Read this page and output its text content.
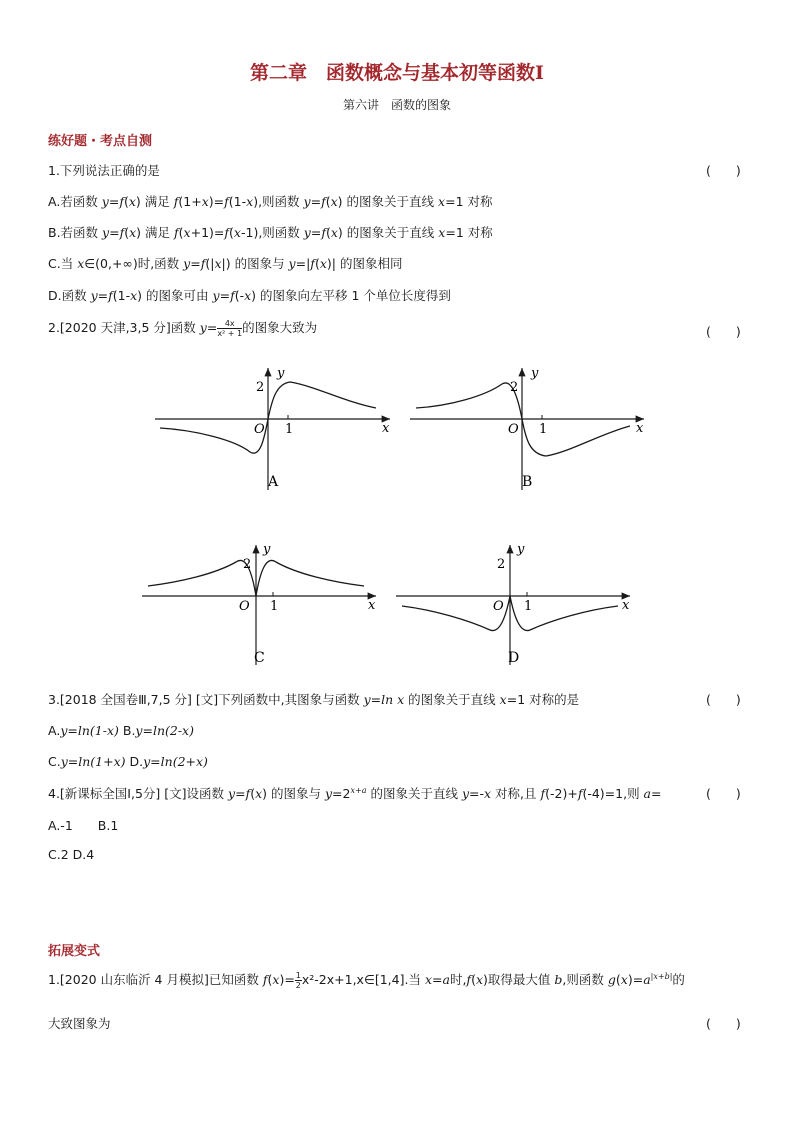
第二章　函数概念与基本初等函数Ⅰ
第六讲　函数的图象
练好题・考点自测
1.下列说法正确的是	(　　)
A.若函数 y=f(x) 满足 f(1+x)=f(1-x),则函数 y=f(x) 的图象关于直线 x=1 对称
B.若函数 y=f(x) 满足 f(x+1)=f(x-1),则函数 y=f(x) 的图象关于直线 x=1 对称
C.当 x∈(0,+∞)时,函数 y=f(|x|) 的图象与 y=|f(x)| 的图象相同
D.函数 y=f(1-x) 的图象可由 y=f(-x) 的图象向左平移 1 个单位长度得到
2.[2020 天津,3,5 分]函数 $y= \frac{4x}{\text{x² + 1}}$ 的图象大致为	(　　)
2
O 1	x
y
A
2
O 1	x
y
B
2
O 1	x
y
C
2
O 1	x
y
D
3.[2018 全国卷Ⅲ,7,5 分] [文]下列函数中,其图象与函数 y=ln x 的图象关于直线 x=1 对称的是	(　　)
A.y=ln(1-x) B.y=ln(2-x)
C.y=ln(1+x) D.y=ln(2+x)
4.[新课标全国Ⅰ,5分] [文]设函数 y=f(x) 的图象与 $y=2^{x+a}$ 的图象关于直线 y=-x 对称,且 f(-2)+f(-4)=1,则 a=	(　　)
A.-1　　B.1
C.2 D.4
拓展变式
1.[2020 山东临沂 4 月模拟]已知函数 $f(x)= \frac{1}{2}$ x²-2x+1,x∈[1,4].当 x=a时,f(x)取得最大值 b,则函数 $g(x)=a^{|x+b|}$的
大致图象为	(　　)
